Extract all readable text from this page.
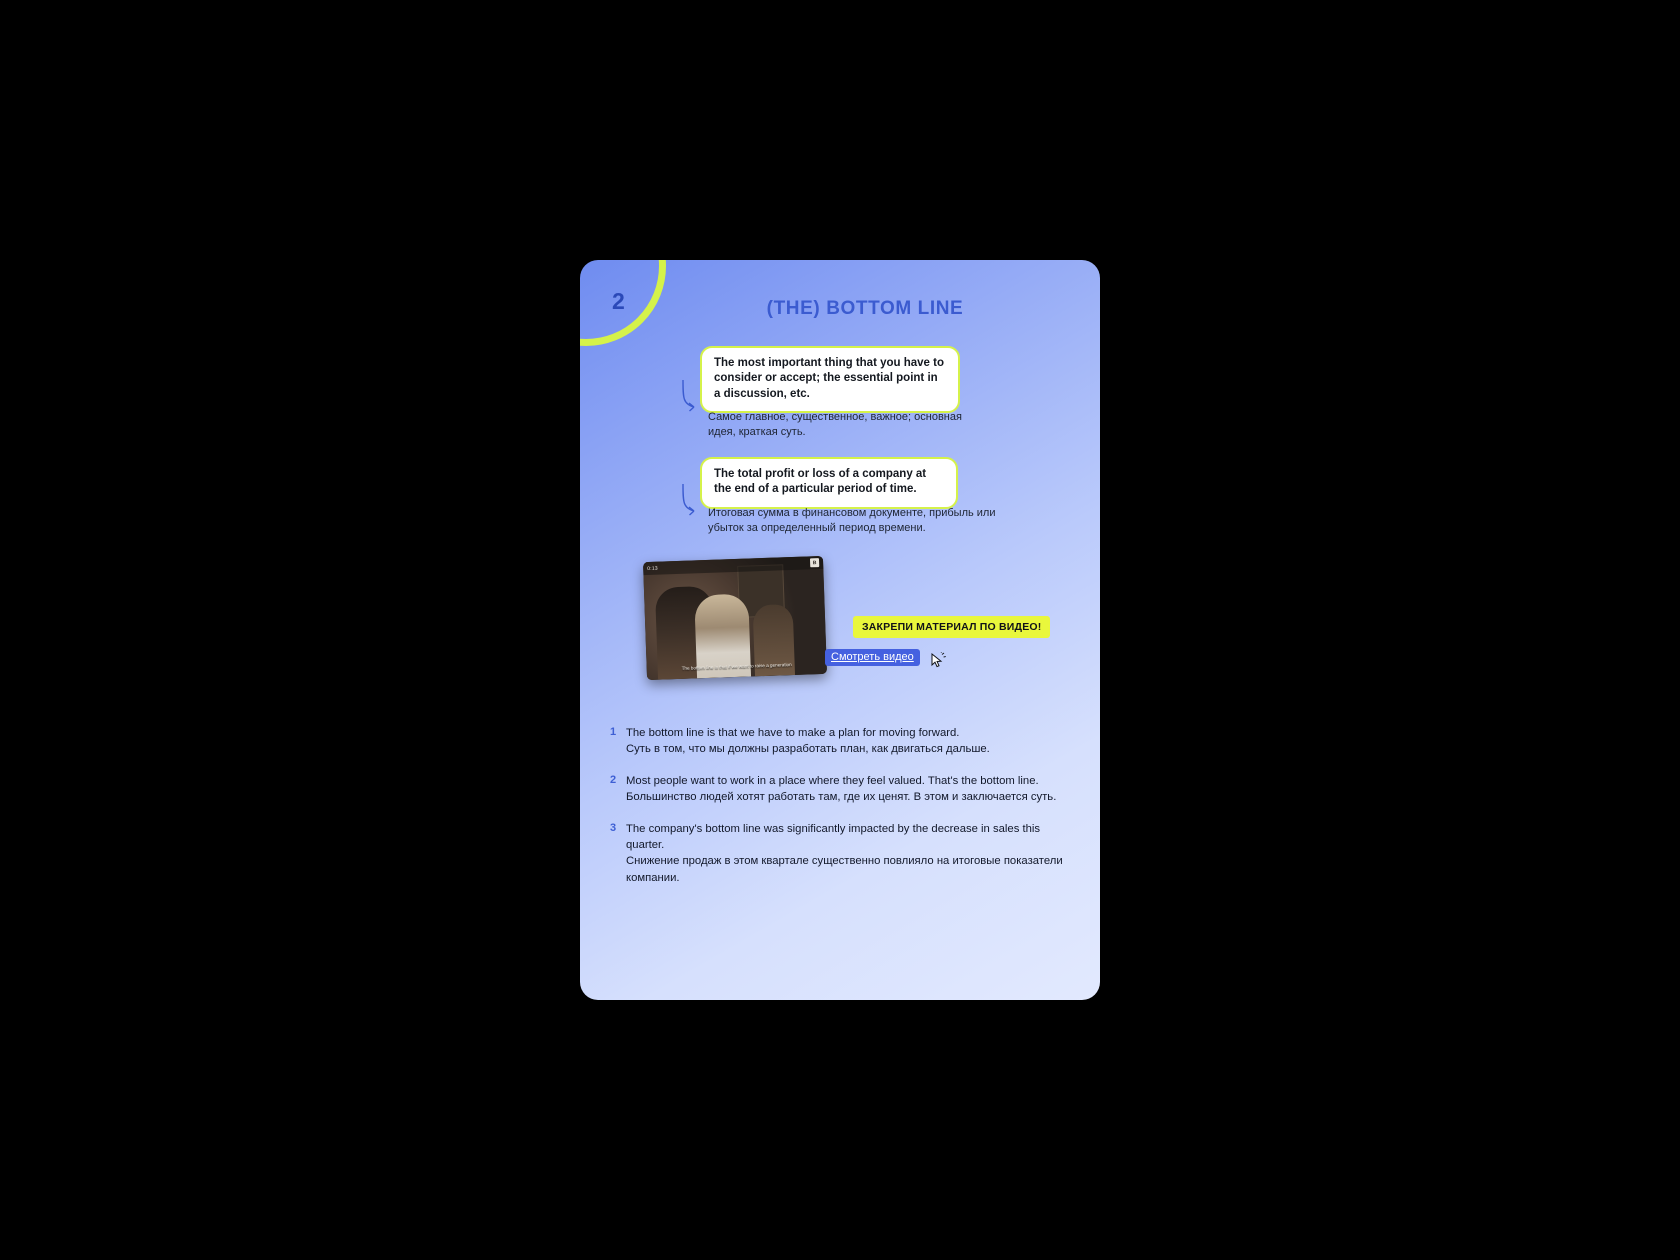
2	(THE) BOTTOM LINE
The most important thing that you have to consider or accept; the essential point in a discussion, etc.
Самое главное, существенное, важное; основная идея, краткая суть.
The total profit or loss of a company at the end of a particular period of time.
Итоговая сумма в финансовом документе, прибыль или убыток за определенный период времени.
0:13
B
The bottom line is that if we want to raise a generation
ЗАКРЕПИ МАТЕРИАЛ ПО ВИДЕО!
Смотреть видео
1 The bottom line is that we have to make a plan for moving forward.
Суть в том, что мы должны разработать план, как двигаться дальше.
2 Most people want to work in a place where they feel valued. That's the bottom line.
Большинство людей хотят работать там, где их ценят. В этом и заключается суть.
3 The company's bottom line was significantly impacted by the decrease in sales this quarter.
Снижение продаж в этом квартале существенно повлияло на итоговые показатели компании.
